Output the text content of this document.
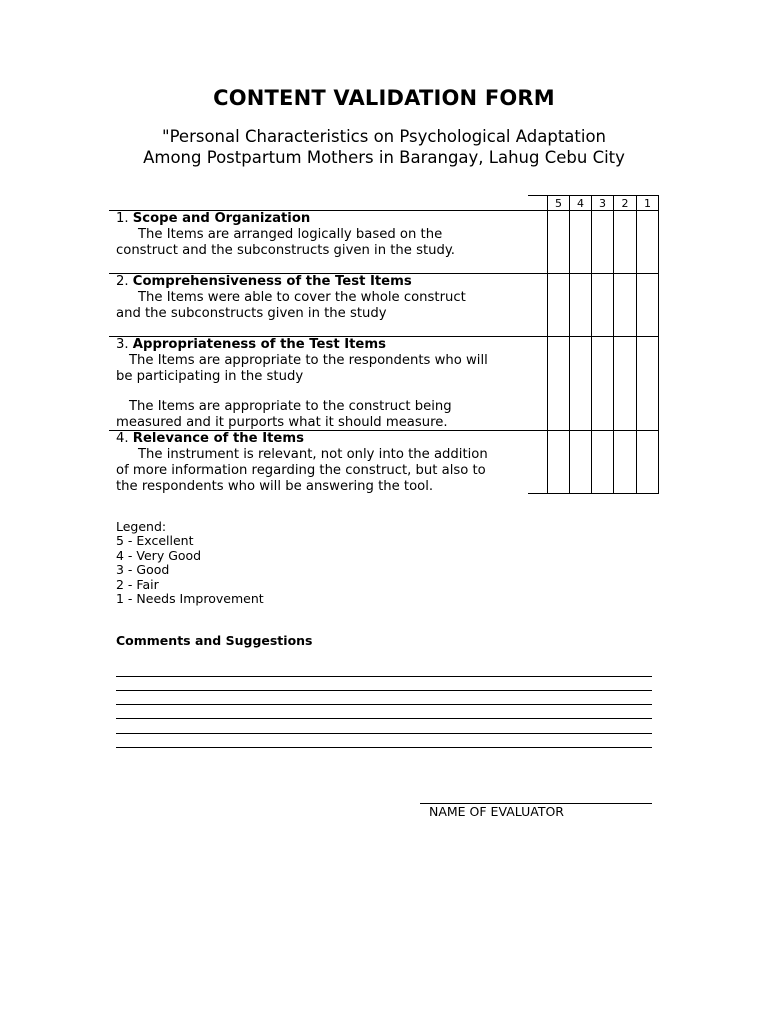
CONTENT VALIDATION FORM
"Personal Characteristics on Psychological Adaptation
Among Postpartum Mothers in Barangay, Lahug Cebu City
5	4	3	2	1
1. Scope and Organization
The Items are arranged logically based on the
construct and the subconstructs given in the study.
2. Comprehensiveness of the Test Items
The Items were able to cover the whole construct
and the subconstructs given in the study
3. Appropriateness of the Test Items
The Items are appropriate to the respondents who will
be participating in the study
The Items are appropriate to the construct being
measured and it purports what it should measure.
4. Relevance of the Items
The instrument is relevant, not only into the addition
of more information regarding the construct, but also to
the respondents who will be answering the tool.
Legend:
5 - Excellent
4 - Very Good
3 - Good
2 - Fair
1 - Needs Improvement
Comments and Suggestions
NAME OF EVALUATOR
